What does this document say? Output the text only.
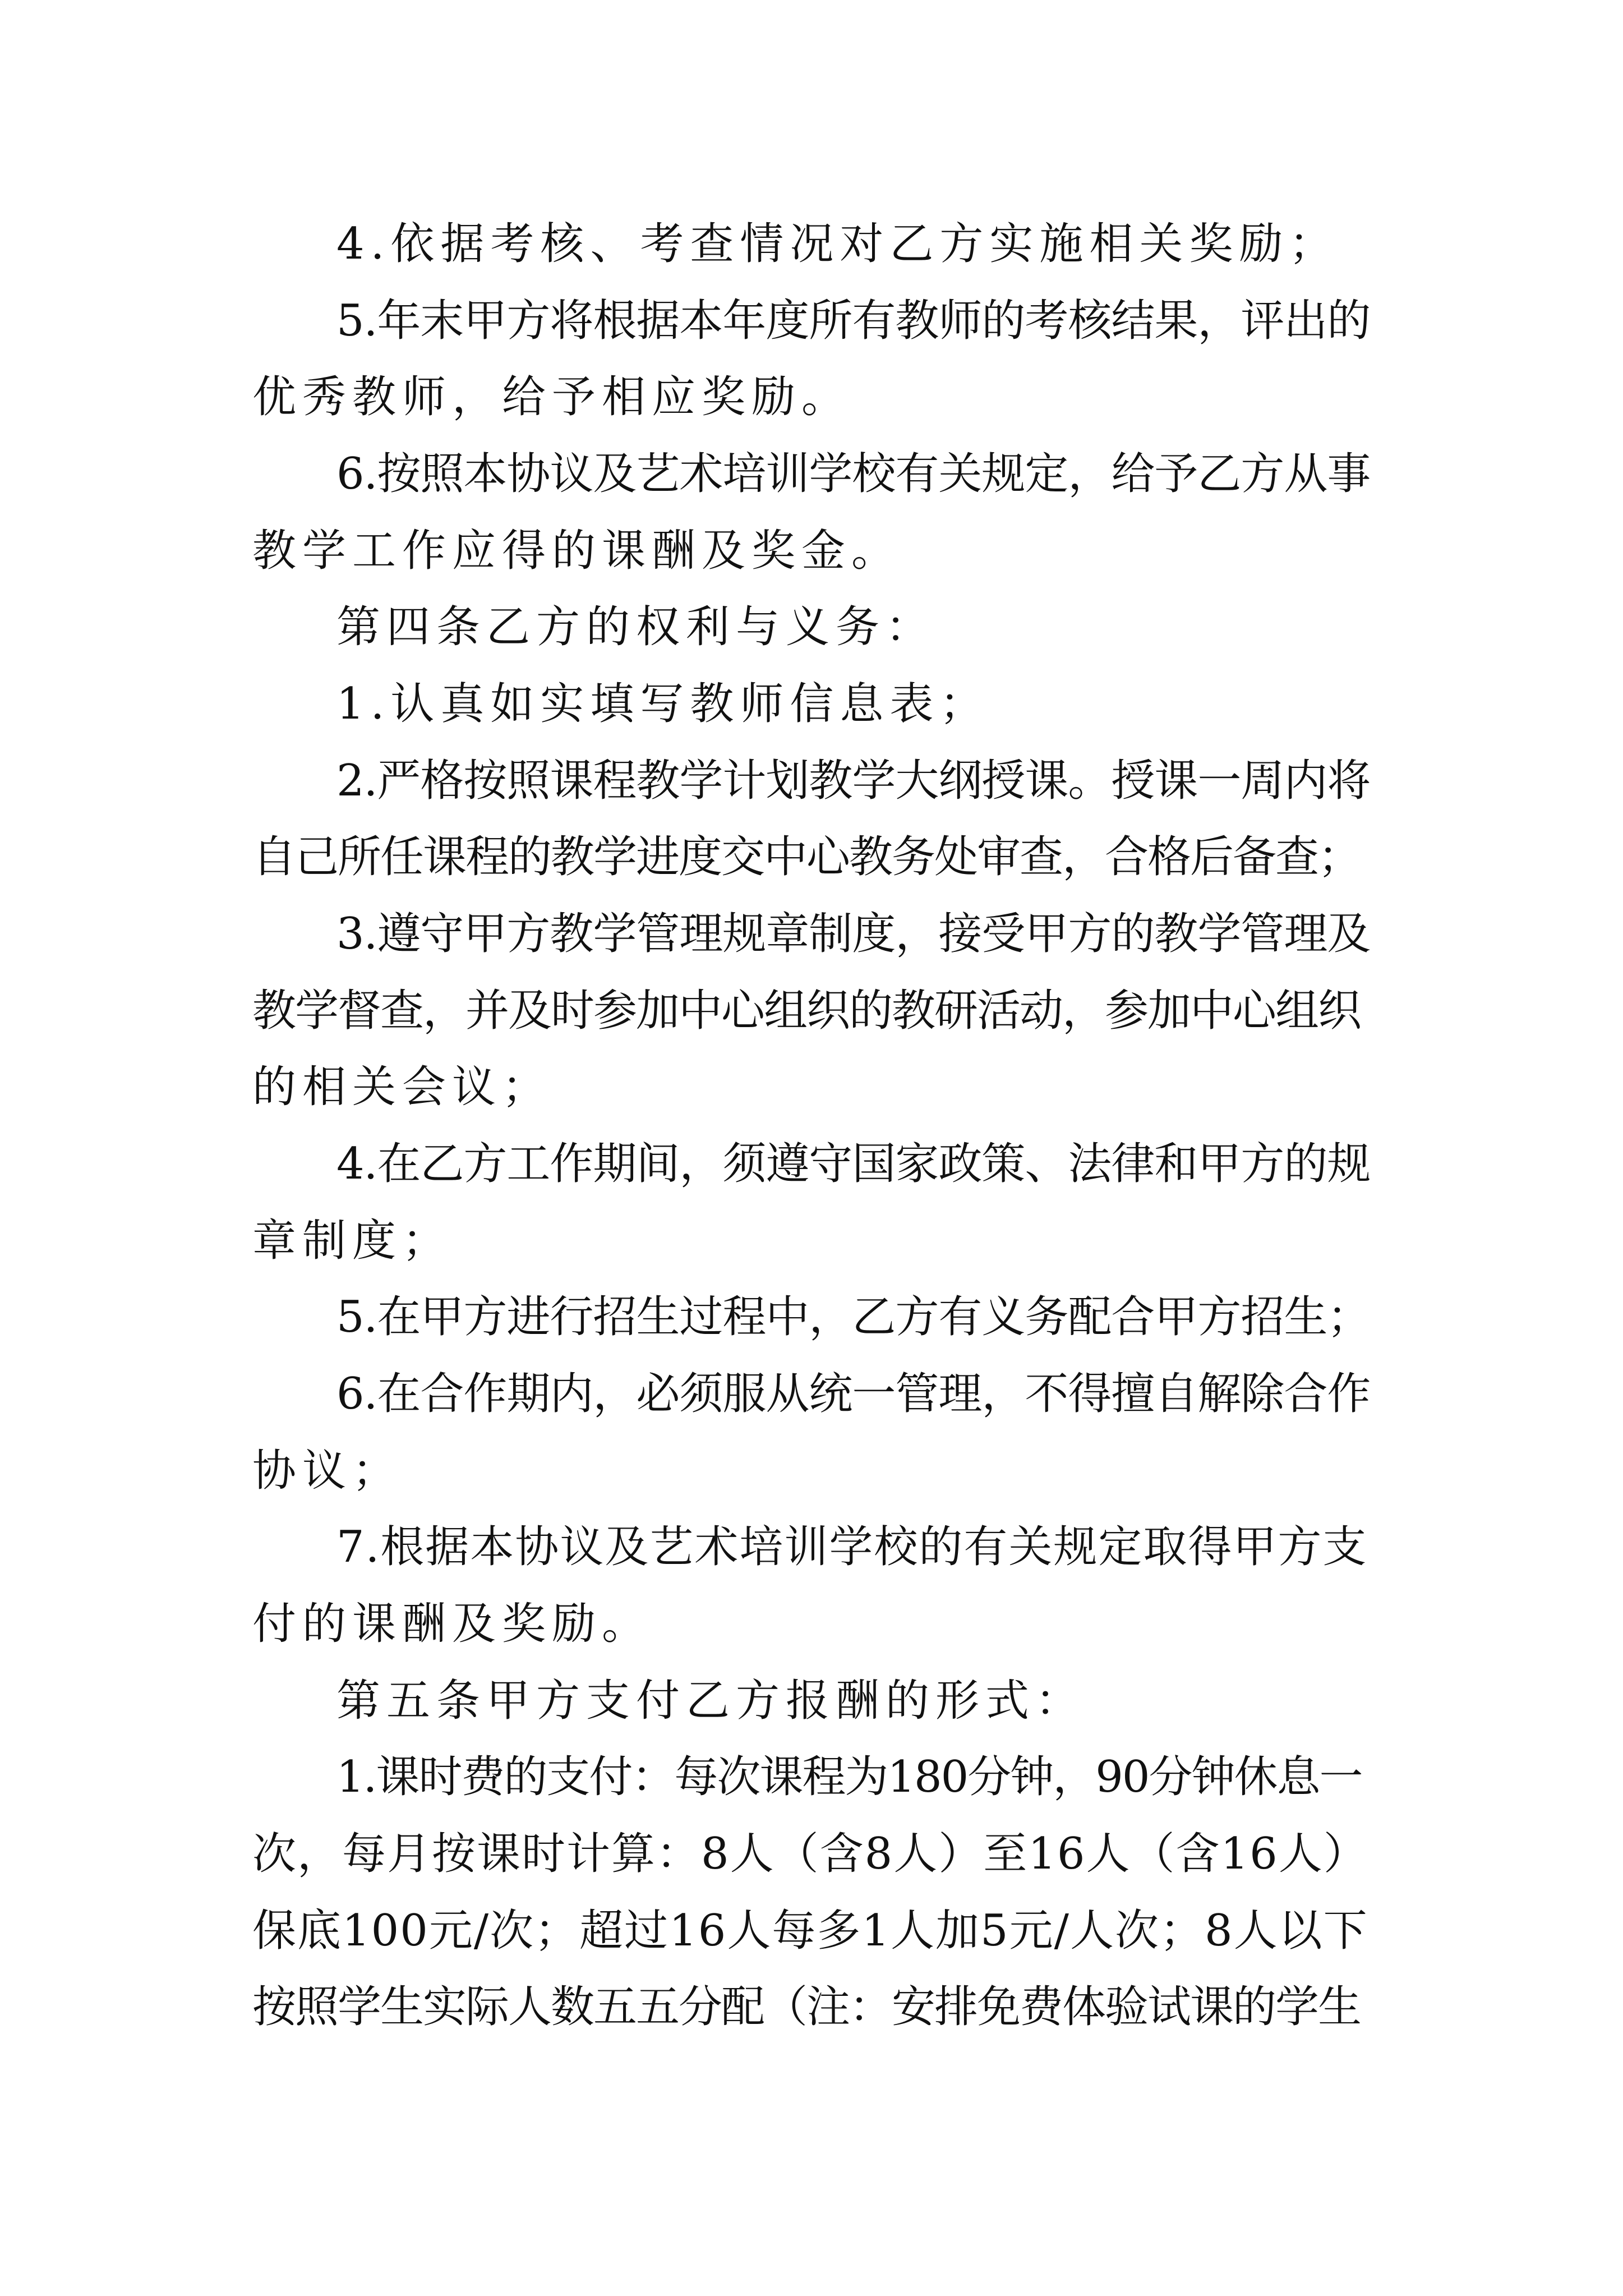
4.依据考核、考查情况对乙方实施相关奖励；
5.年末甲方将根据本年度所有教师的考核结果，评出的
优秀教师，给予相应奖励。
6.按照本协议及艺术培训学校有关规定，给予乙方从事
教学工作应得的课酬及奖金。
第四条乙方的权利与义务：
1.认真如实填写教师信息表；
2.严格按照课程教学计划教学大纲授课。授课一周内将
自己所任课程的教学进度交中心教务处审查，合格后备查；
3.遵守甲方教学管理规章制度，接受甲方的教学管理及
教学督查，并及时参加中心组织的教研活动，参加中心组织
的相关会议；
4.在乙方工作期间，须遵守国家政策、法律和甲方的规
章制度；
5.在甲方进行招生过程中，乙方有义务配合甲方招生；
6.在合作期内，必须服从统一管理，不得擅自解除合作
协议；
7.根据本协议及艺术培训学校的有关规定取得甲方支
付的课酬及奖励。
第五条甲方支付乙方报酬的形式：
1.课时费的支付：每次课程为180分钟，90分钟休息一
次，每月按课时计算：8人（含8人）至16人（含16人）
保底100元/次；超过16人每多1人加5元/人次；8人以下
按照学生实际人数五五分配（注：安排免费体验试课的学生
